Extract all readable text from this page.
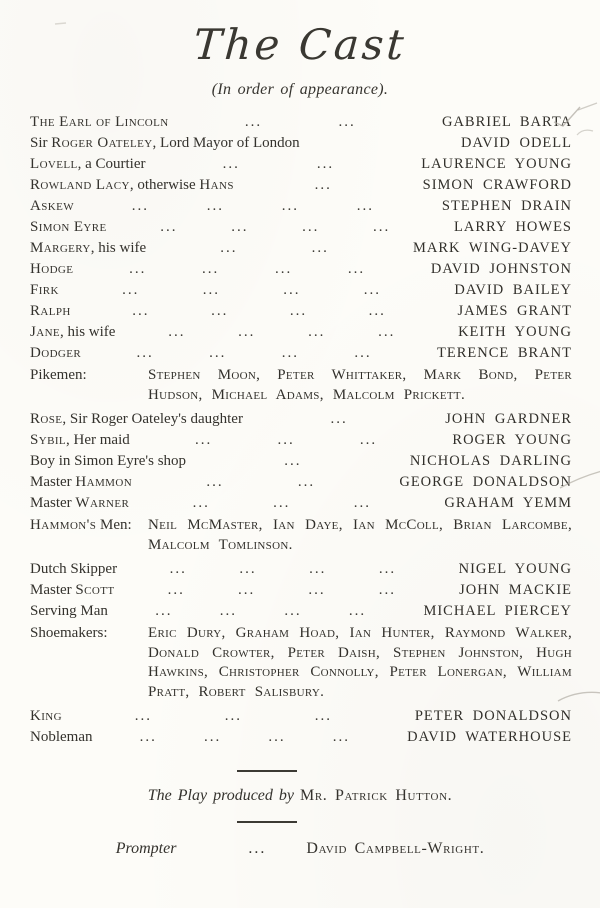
The Cast
(In order of appearance).
The Earl of Lincoln	...	...	GABRIEL BARTA
Sir Roger Oateley, Lord Mayor of London	DAVID ODELL
Lovell, a Courtier	...	...	LAURENCE YOUNG
Rowland Lacy, otherwise Hans	...	SIMON CRAWFORD
Askew	...	...	...	...	STEPHEN DRAIN
Simon Eyre	...	...	...	...	LARRY HOWES
Margery, his wife	...	...	MARK WING-DAVEY
Hodge	...	...	...	...	DAVID JOHNSTON
Firk	...	...	...	...	DAVID BAILEY
Ralph	...	...	...	...	JAMES GRANT
Jane, his wife	...	...	...	...	KEITH YOUNG
Dodger	...	...	...	...	TERENCE BRANT
Pikemen:	Stephen Moon, Peter Whittaker, Mark Bond, Peter Hudson, Michael Adams, Malcolm Prickett.
Rose, Sir Roger Oateley's daughter	...	JOHN GARDNER
Sybil, Her maid	...	...	...	ROGER YOUNG
Boy in Simon Eyre's shop	...	NICHOLAS DARLING
Master Hammon	...	...	GEORGE DONALDSON
Master Warner	...	...	...	GRAHAM YEMM
Hammon's Men:	Neil McMaster, Ian Daye, Ian McColl, Brian Larcombe, Malcolm Tomlinson.
Dutch Skipper	...	...	...	...	NIGEL YOUNG
Master Scott	...	...	...	...	JOHN MACKIE
Serving Man	...	...	...	...	MICHAEL PIERCEY
Shoemakers:	Eric Dury, Graham Hoad, Ian Hunter, Raymond Walker, Donald Crowter, Peter Daish, Stephen Johnston, Hugh Hawkins, Christopher Connolly, Peter Lonergan, William Pratt, Robert Salisbury.
King	...	...	...	PETER DONALDSON
Nobleman	...	...	...	...	DAVID WATERHOUSE
The Play produced by Mr. Patrick Hutton.
Prompter	...	David Campbell-Wright.
